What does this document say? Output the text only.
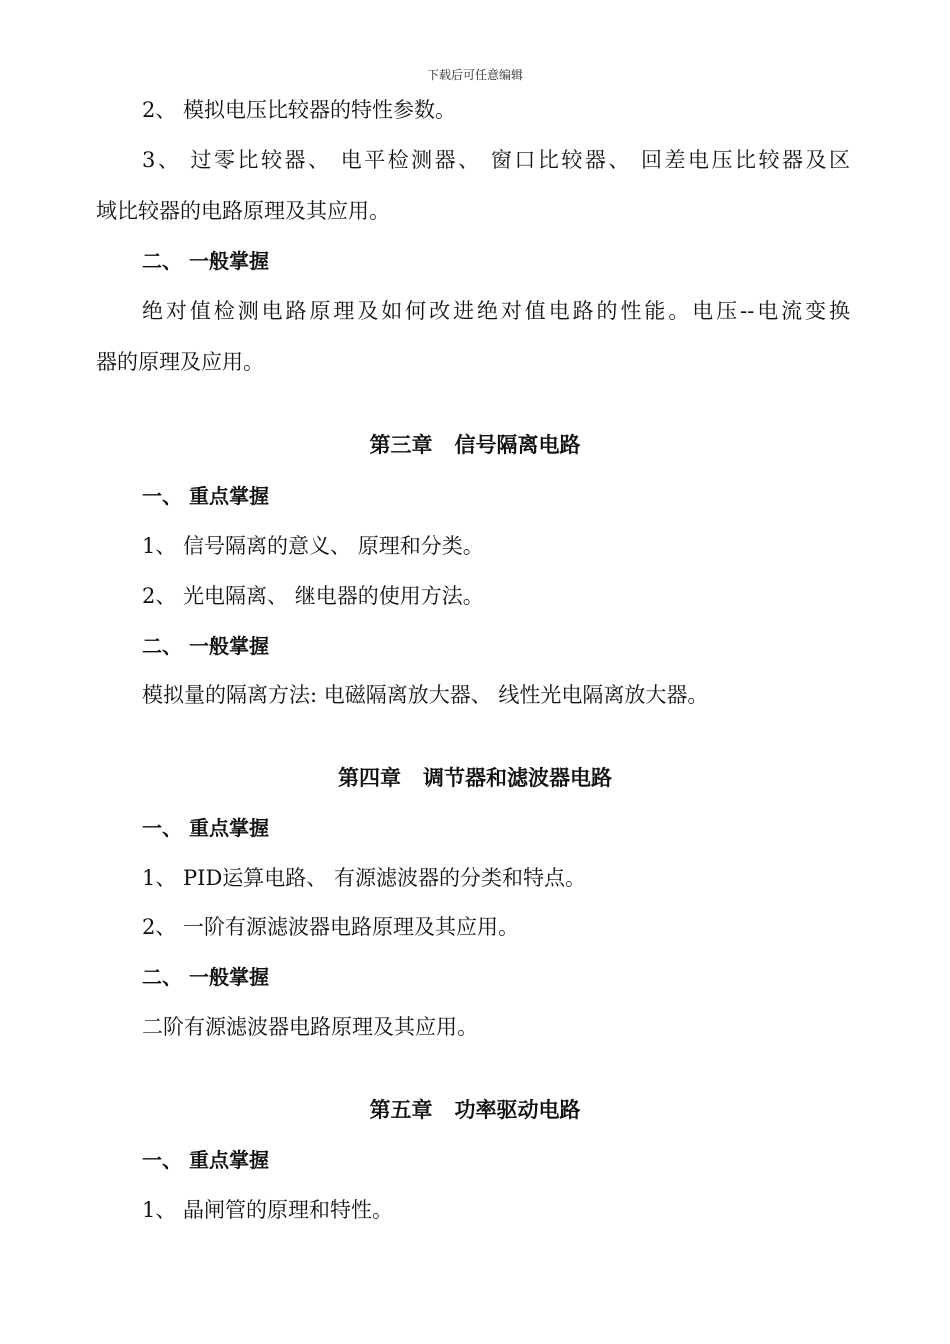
下载后可任意编辑
2、 模拟电压比较器的特性参数。
3、 过零比较器、 电平检测器、 窗口比较器、 回差电压比较器及区
域比较器的电路原理及其应用。
二、 一般掌握
绝对值检测电路原理及如何改进绝对值电路的性能。电压--电流变换
器的原理及应用。
第三章   信号隔离电路
一、 重点掌握
1、 信号隔离的意义、 原理和分类。
2、 光电隔离、 继电器的使用方法。
二、 一般掌握
模拟量的隔离方法: 电磁隔离放大器、 线性光电隔离放大器。
第四章   调节器和滤波器电路
一、 重点掌握
1、 PID运算电路、 有源滤波器的分类和特点。
2、 一阶有源滤波器电路原理及其应用。
二、 一般掌握
二阶有源滤波器电路原理及其应用。
第五章   功率驱动电路
一、 重点掌握
1、 晶闸管的原理和特性。
